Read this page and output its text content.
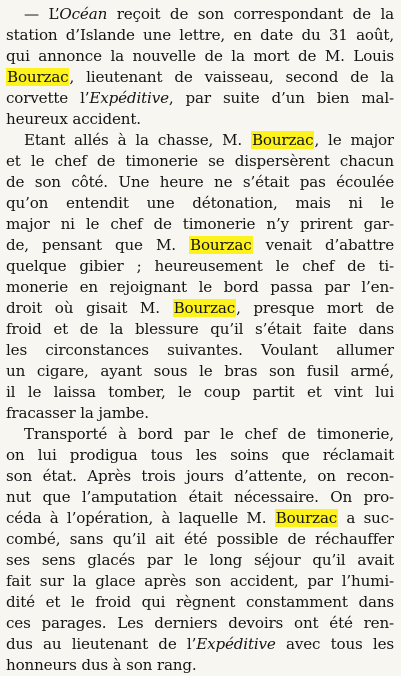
— L’Océan reçoit de son correspondant de la
station d’Islande une lettre, en date du 31 août,
qui annonce la nouvelle de la mort de M. Louis
Bourzac, lieutenant de vaisseau, second de la
corvette l’Expéditive, par suite d’un bien mal-
heureux accident.
Etant allés à la chasse, M. Bourzac, le major
et le chef de timonerie se dispersèrent chacun
de son côté. Une heure ne s’était pas écoulée
qu’on entendit une détonation, mais ni le
major ni le chef de timonerie n’y prirent gar-
de, pensant que M. Bourzac venait d’abattre
quelque gibier ; heureusement le chef de ti-
monerie en rejoignant le bord passa par l’en-
droit où gisait M. Bourzac, presque mort de
froid et de la blessure qu’il s’était faite dans
les circonstances suivantes. Voulant allumer
un cigare, ayant sous le bras son fusil armé,
il le laissa tomber, le coup partit et vint lui
fracasser la jambe.
Transporté à bord par le chef de timonerie,
on lui prodigua tous les soins que réclamait
son état. Après trois jours d’attente, on recon-
nut que l’amputation était nécessaire. On pro-
céda à l’opération, à laquelle M. Bourzac a suc-
combé, sans qu’il ait été possible de réchauffer
ses sens glacés par le long séjour qu’il avait
fait sur la glace après son accident, par l’humi-
dité et le froid qui règnent constamment dans
ces parages. Les derniers devoirs ont été ren-
dus au lieutenant de l’Expéditive avec tous les
honneurs dus à son rang.
